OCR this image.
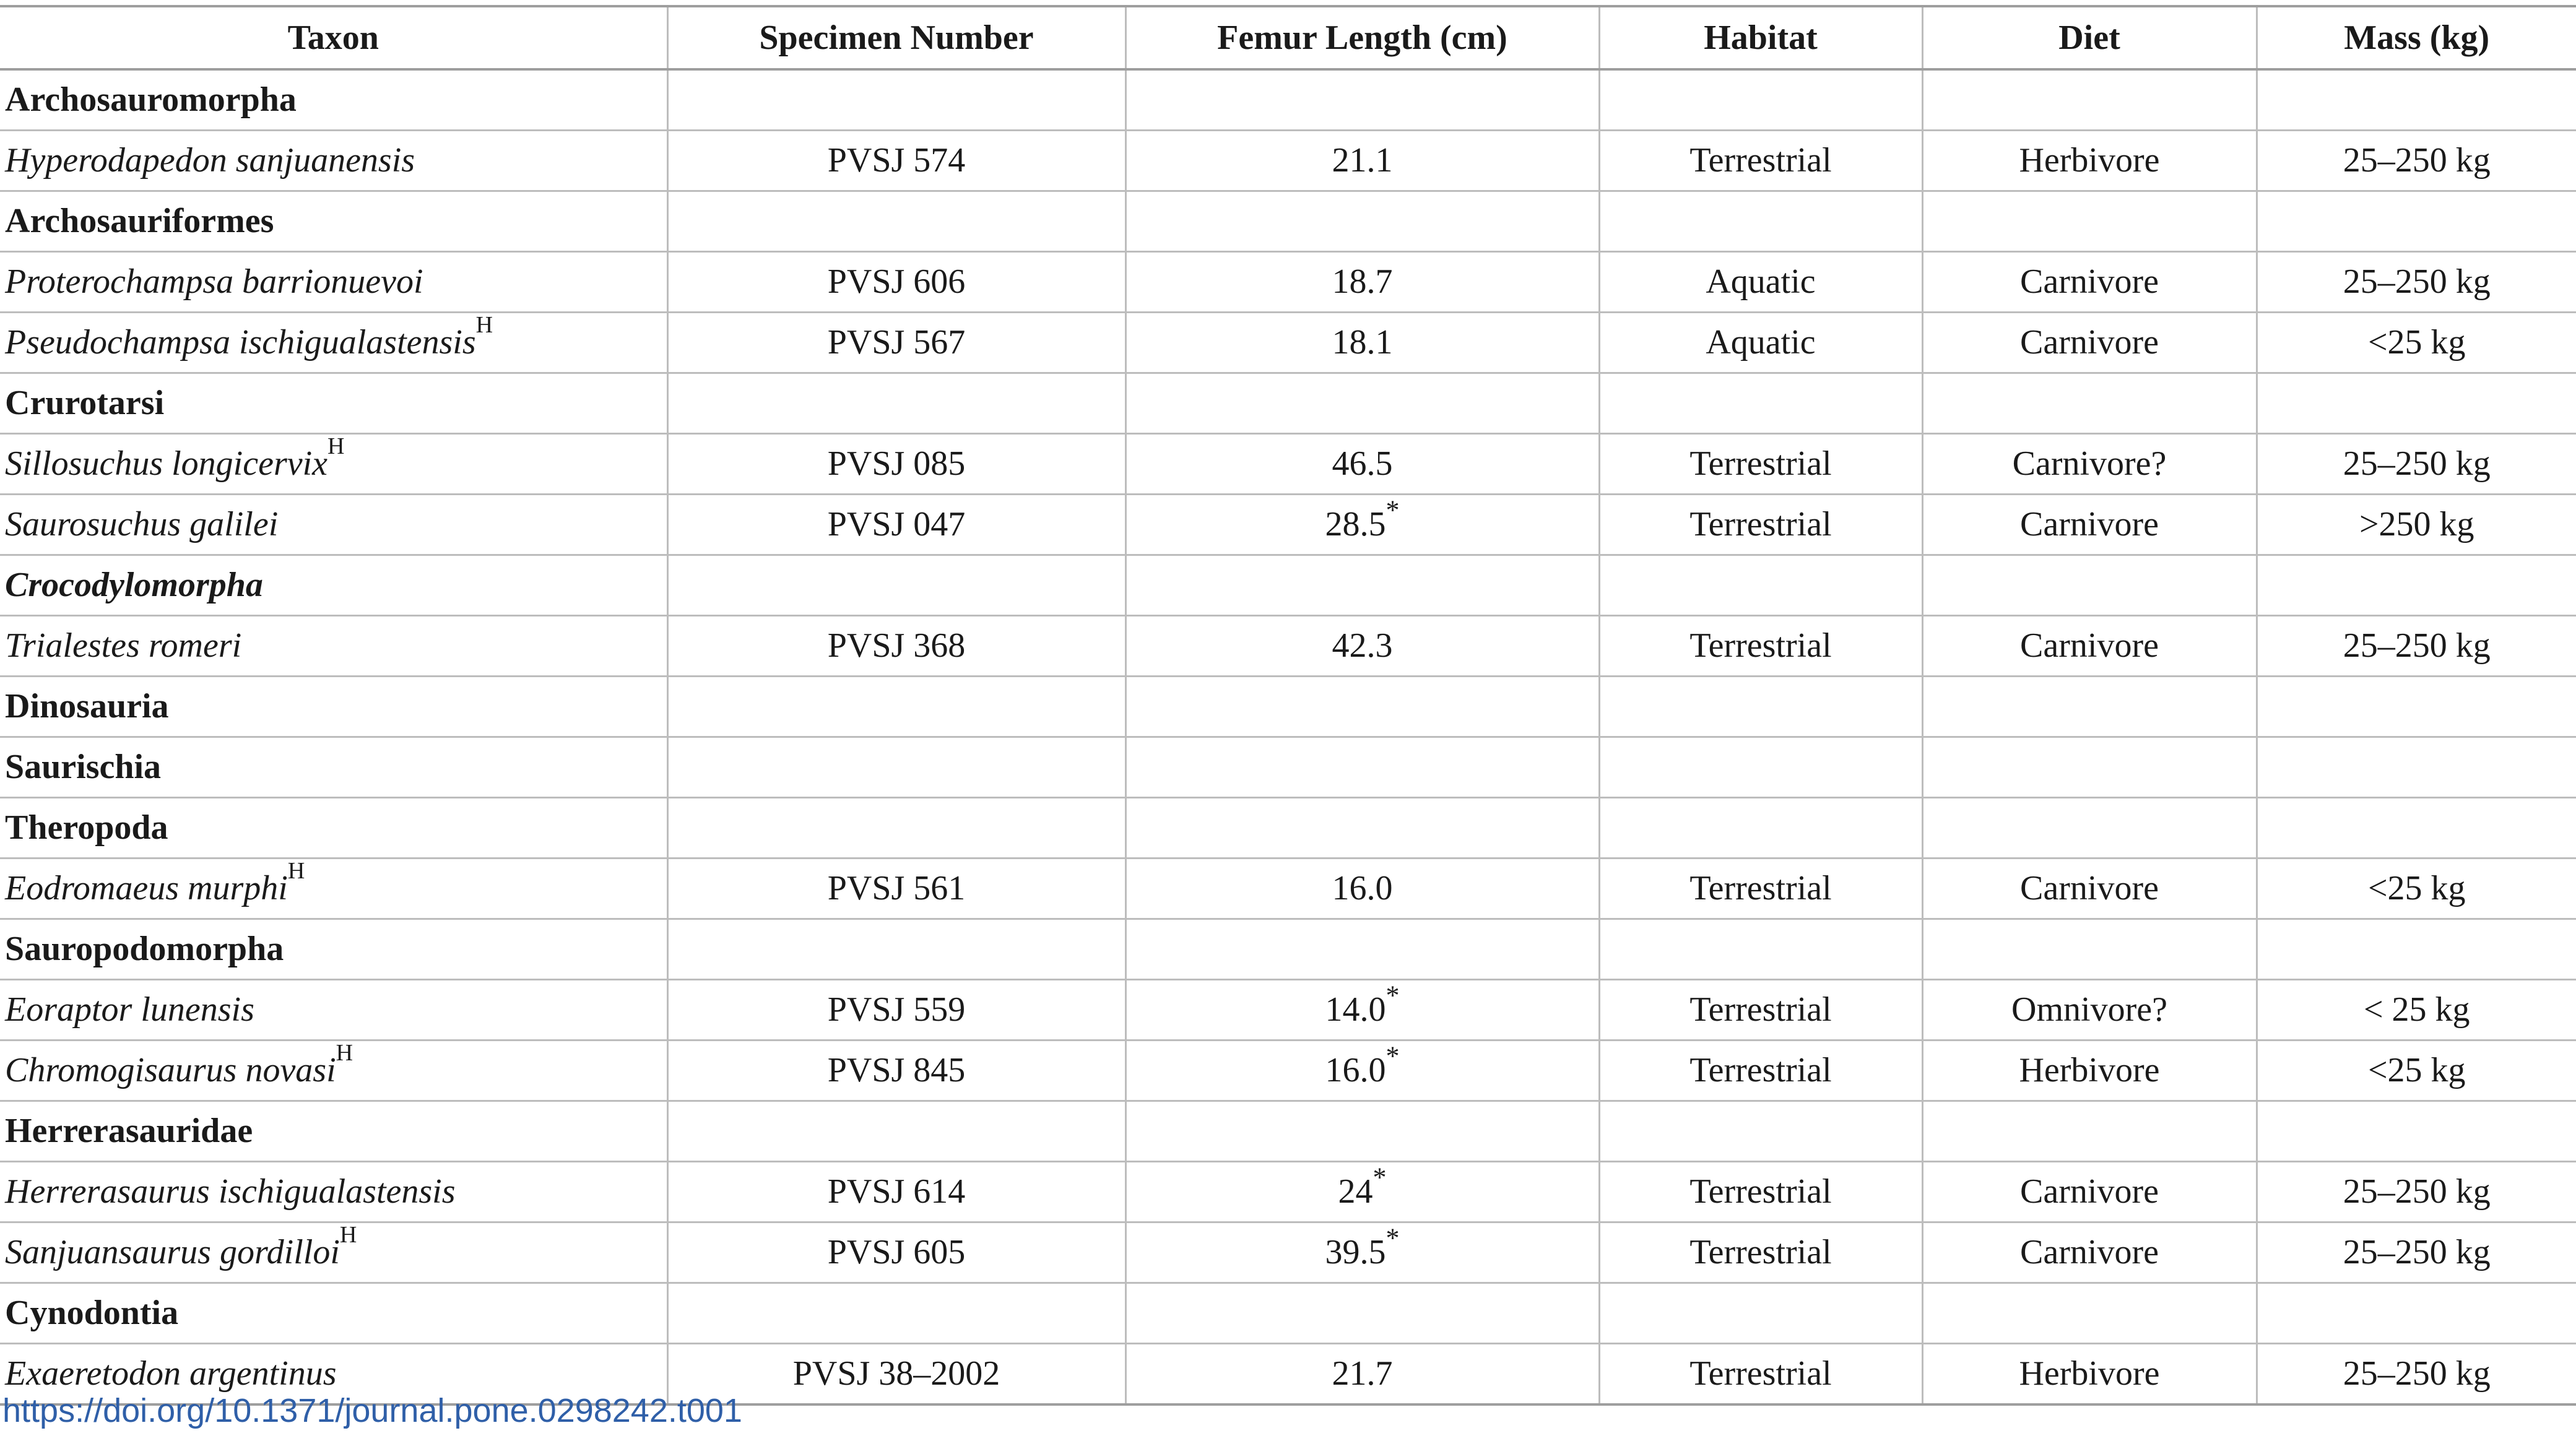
Taxon	Specimen Number	Femur Length (cm)	Habitat	Diet	Mass (kg)
Archosauromorpha					
Hyperodapedon sanjuanensis	PVSJ 574	21.1	Terrestrial	Herbivore	25–250 kg
Archosauriformes					
Proterochampsa barrionuevoi	PVSJ 606	18.7	Aquatic	Carnivore	25–250 kg
Pseudochampsa ischigualastensis$^H$	PVSJ 567	18.1	Aquatic	Carnivore	<25 kg
Crurotarsi					
Sillosuchus longicervix$^H$	PVSJ 085	46.5	Terrestrial	Carnivore?	25–250 kg
Saurosuchus galilei	PVSJ 047	28.5*	Terrestrial	Carnivore	>250 kg
Crocodylomorpha					
Trialestes romeri	PVSJ 368	42.3	Terrestrial	Carnivore	25–250 kg
Dinosauria					
Saurischia					
Theropoda					
Eodromaeus murphi$^H$	PVSJ 561	16.0	Terrestrial	Carnivore	<25 kg
Sauropodomorpha					
Eoraptor lunensis	PVSJ 559	14.0*	Terrestrial	Omnivore?	< 25 kg
Chromogisaurus novasi$^H$	PVSJ 845	16.0*	Terrestrial	Herbivore	<25 kg
Herrerasauridae					
Herrerasaurus ischigualastensis	PVSJ 614	24*	Terrestrial	Carnivore	25–250 kg
Sanjuansaurus gordilloi$^H$	PVSJ 605	39.5*	Terrestrial	Carnivore	25–250 kg
Cynodontia					
Exaeretodon argentinus	PVSJ 38–2002	21.7	Terrestrial	Herbivore	25–250 kg
https://doi.org/10.1371/journal.pone.0298242.t001
